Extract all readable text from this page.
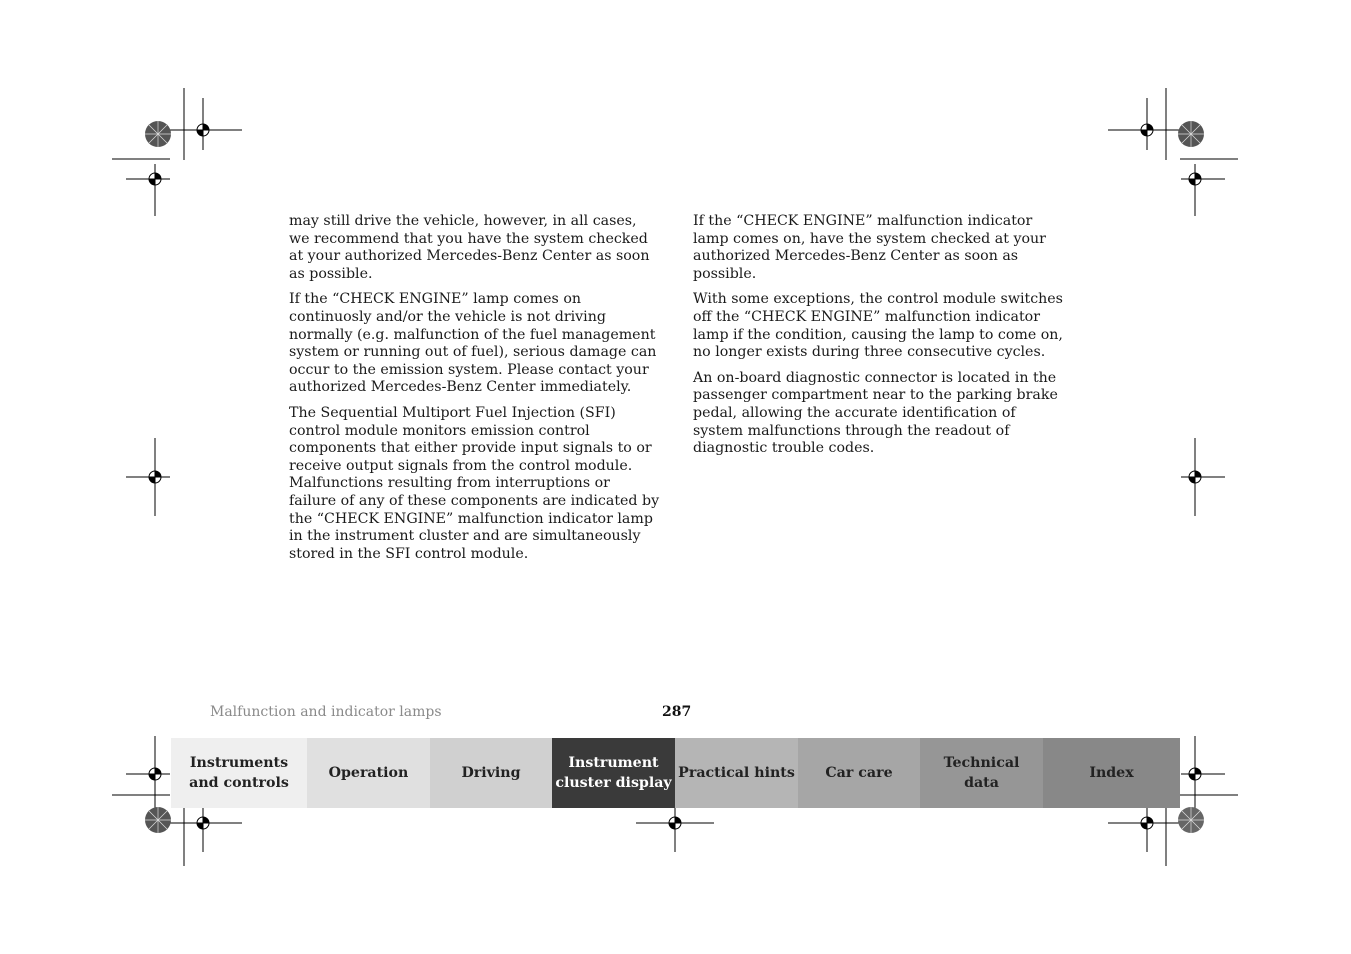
may still drive the vehicle, however, in all cases, we recommend that you have the system checked at your authorized Mercedes-Benz Center as soon as possible.

If the “CHECK ENGINE” lamp comes on continuosly and/or the vehicle is not driving normally (e.g. malfunction of the fuel management system or running out of fuel), serious damage can occur to the emission system. Please contact your authorized Mercedes-Benz Center immediately.

The Sequential Multiport Fuel Injection (SFI) control module monitors emission control components that either provide input signals to or receive output signals from the control module. Malfunctions resulting from interruptions or failure of any of these components are indicated by the “CHECK ENGINE” malfunction indicator lamp in the instrument cluster and are simultaneously stored in the SFI control module.

If the “CHECK ENGINE” malfunction indicator lamp comes on, have the system checked at your authorized Mercedes-Benz Center as soon as possible.

With some exceptions, the control module switches off the “CHECK ENGINE” malfunction indicator lamp if the condition, causing the lamp to come on, no longer exists during three consecutive cycles.

An on-board diagnostic connector is located in the passenger compartment near to the parking brake pedal, allowing the accurate identification of system malfunctions through the readout of diagnostic trouble codes.

Malfunction and indicator lamps	287
Instruments
and controls
Operation	Driving
Instrument
cluster display
Practical hints Car care
Technical
data
Index
